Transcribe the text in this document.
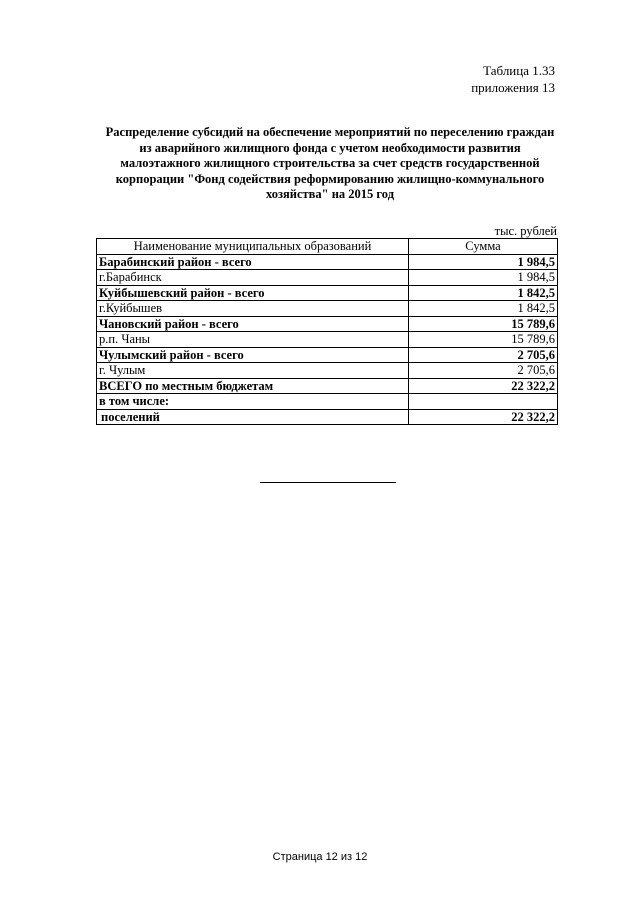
Таблица 1.33
приложения 13
Распределение субсидий на обеспечение мероприятий по переселению граждан из аварийного жилищного фонда с учетом необходимости развития малоэтажного жилищного строительства за счет средств государственной корпорации "Фонд содействия реформированию жилищно-коммунального хозяйства" на 2015 год
тыс. рублей
Наименование муниципальных образований	Сумма
Барабинский район - всего	1 984,5
г.Барабинск	1 984,5
Куйбышевский район - всего	1 842,5
г.Куйбышев	1 842,5
Чановский район - всего	15 789,6
р.п. Чаны	15 789,6
Чулымский район - всего	2 705,6
г. Чулым	2 705,6
ВСЕГО по местным бюджетам	22 322,2
в том числе:	
поселений	22 322,2
Страница 12 из 12
